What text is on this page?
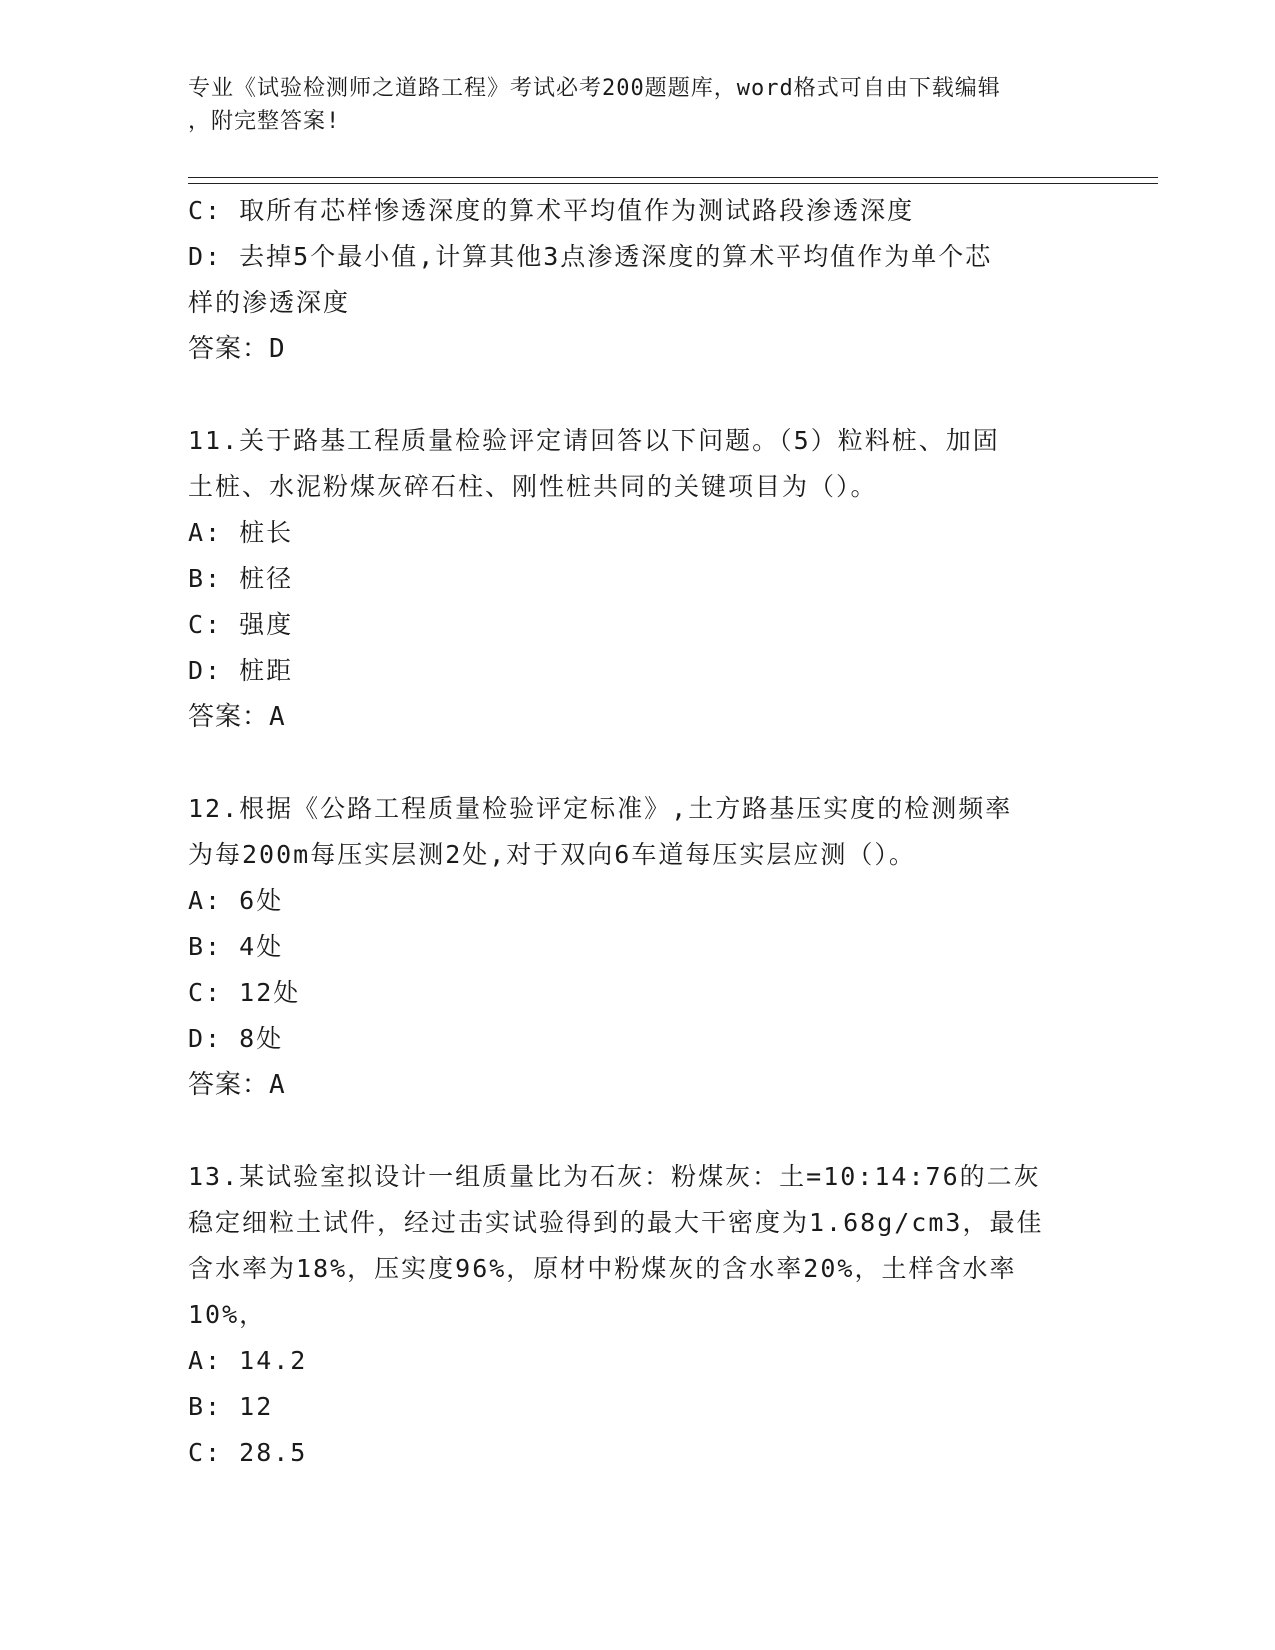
专业《试验检测师之道路工程》考试必考200题题库，word格式可自由下载编辑
，附完整答案!
C: 取所有芯样惨透深度的算术平均值作为测试路段渗透深度
D: 去掉5个最小值,计算其他3点渗透深度的算术平均值作为单个芯
样的渗透深度
答案：D
11.关于路基工程质量检验评定请回答以下问题。（5）粒料桩、加固
土桩、水泥粉煤灰碎石柱、刚性桩共同的关键项目为（）。
A: 桩长
B: 桩径
C: 强度
D: 桩距
答案：A
12.根据《公路工程质量检验评定标准》,土方路基压实度的检测频率
为每200m每压实层测2处,对于双向6车道每压实层应测（）。
A: 6处
B: 4处
C: 12处
D: 8处
答案：A
13.某试验室拟设计一组质量比为石灰：粉煤灰：土=10:14:76的二灰
稳定细粒土试件，经过击实试验得到的最大干密度为1.68g/cm3，最佳
含水率为18%，压实度96%，原材中粉煤灰的含水率20%，土样含水率
10%，
A: 14.2
B: 12
C: 28.5
